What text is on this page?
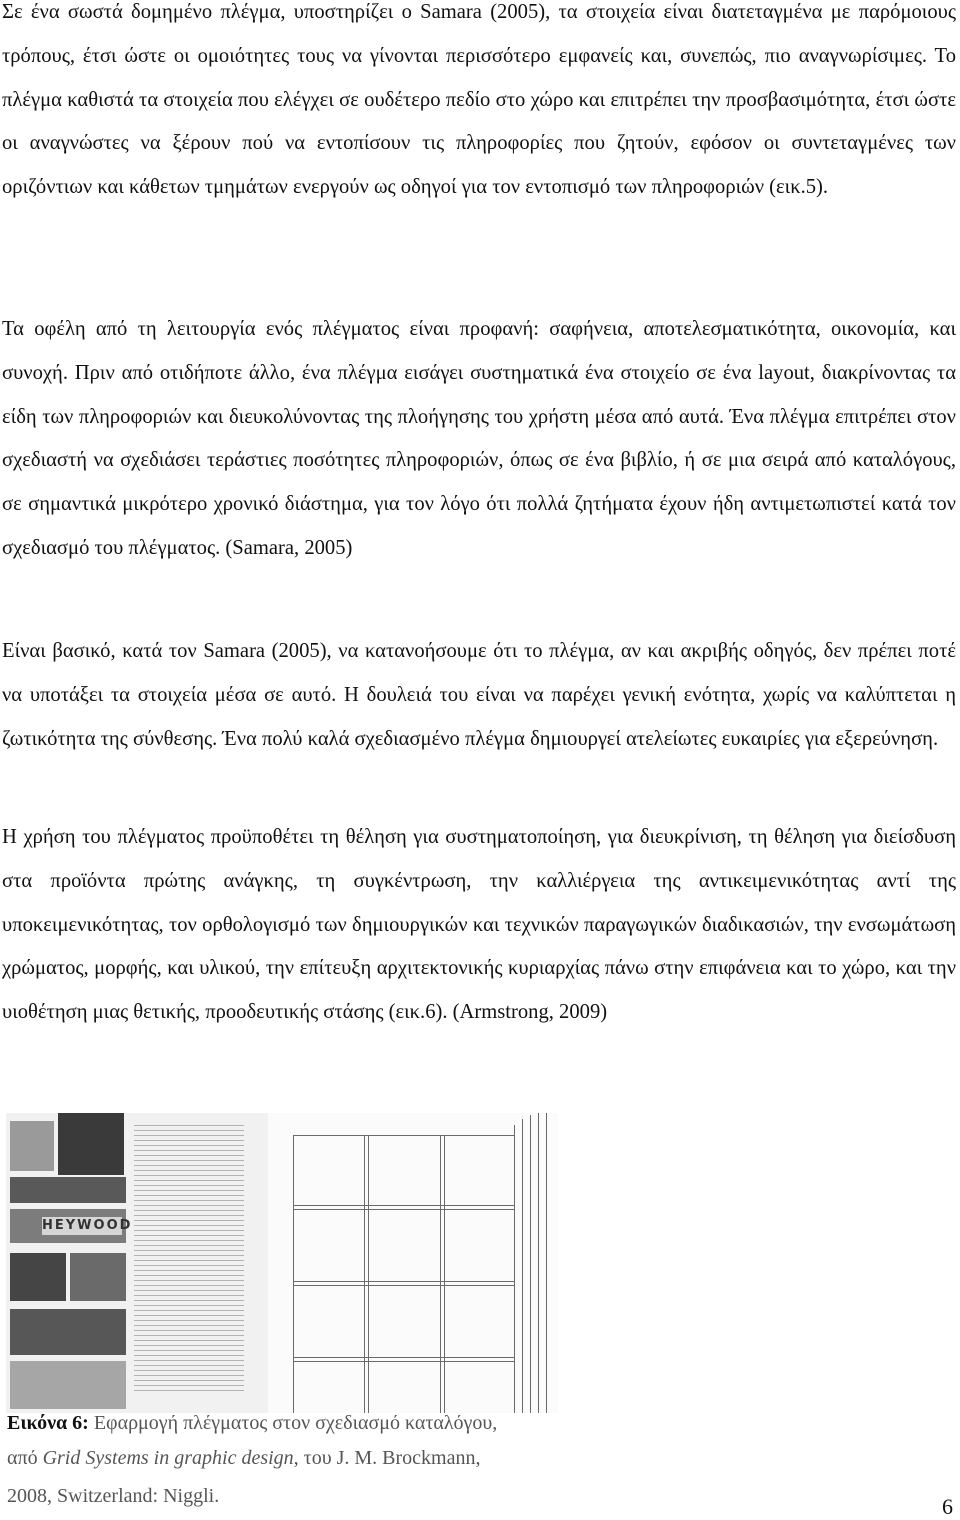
Σε ένα σωστά δομημένο πλέγμα, υποστηρίζει ο Samara (2005), τα στοιχεία είναι διατεταγμένα με παρόμοιους τρόπους, έτσι ώστε οι ομοιότητες τους να γίνονται περισσότερο εμφανείς και, συνεπώς, πιο αναγνωρίσιμες. Το πλέγμα καθιστά τα στοιχεία που ελέγχει σε ουδέτερο πεδίο στο χώρο και επιτρέπει την προσβασιμότητα, έτσι ώστε οι αναγνώστες να ξέρουν πού να εντοπίσουν τις πληροφορίες που ζητούν, εφόσον οι συντεταγμένες των οριζόντιων και κάθετων τμημάτων ενεργούν ως οδηγοί για τον εντοπισμό των πληροφοριών (εικ.5).

Τα οφέλη από τη λειτουργία ενός πλέγματος είναι προφανή: σαφήνεια, αποτελεσματικότητα, οικονομία, και συνοχή. Πριν από οτιδήποτε άλλο, ένα πλέγμα εισάγει συστηματικά ένα στοιχείο σε ένα layout, διακρίνοντας τα είδη των πληροφοριών και διευκολύνοντας της πλοήγησης του χρήστη μέσα από αυτά. Ένα πλέγμα επιτρέπει στον σχεδιαστή να σχεδιάσει τεράστιες ποσότητες πληροφοριών, όπως σε ένα βιβλίο, ή σε μια σειρά από καταλόγους, σε σημαντικά μικρότερο χρονικό διάστημα, για τον λόγο ότι πολλά ζητήματα έχουν ήδη αντιμετωπιστεί κατά τον σχεδιασμό του πλέγματος. (Samara, 2005)

Είναι βασικό, κατά τον Samara (2005), να κατανοήσουμε ότι το πλέγμα, αν και ακριβής οδηγός, δεν πρέπει ποτέ να υποτάξει τα στοιχεία μέσα σε αυτό. Η δουλειά του είναι να παρέχει γενική ενότητα, χωρίς να καλύπτεται η ζωτικότητα της σύνθεσης. Ένα πολύ καλά σχεδιασμένο πλέγμα δημιουργεί ατελείωτες ευκαιρίες για εξερεύνηση.

Η χρήση του πλέγματος προϋποθέτει τη θέληση για συστηματοποίηση, για διευκρίνιση, τη θέληση για διείσδυση στα προϊόντα πρώτης ανάγκης, τη συγκέντρωση, την καλλιέργεια της αντικειμενικότητας αντί της υποκειμενικότητας, τον ορθολογισμό των δημιουργικών και τεχνικών παραγωγικών διαδικασιών, την ενσωμάτωση χρώματος, μορφής, και υλικού, την επίτευξη αρχιτεκτονικής κυριαρχίας πάνω στην επιφάνεια και το χώρο, και την υιοθέτηση μιας θετικής, προοδευτικής στάσης (εικ.6). (Armstrong, 2009)

HEYWOOD

Εικόνα 6: Εφαρμογή πλέγματος στον σχεδιασμό καταλόγου,

από Grid Systems in graphic design, του J. M. Brockmann,

2008, Switzerland: Niggli.	6
